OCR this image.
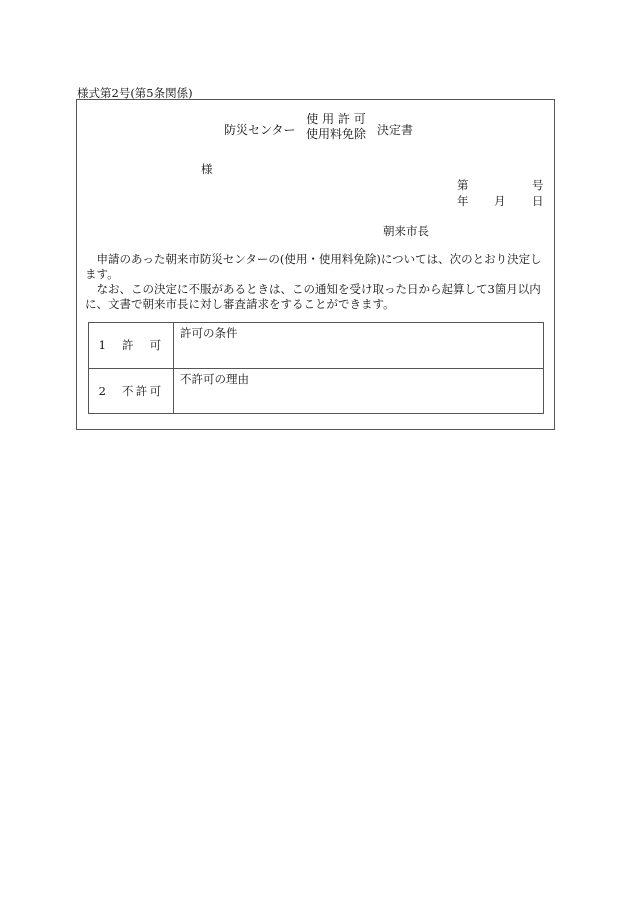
様式第2号(第5条関係)
防災センター
使 用 許 可
使用料免除 決定書
様
第	号
年 月 日
朝来市長

申請のあった朝来市防災センターの(使用・使用料免除)については、次のとおり決定します。

なお、この決定に不服があるときは、この通知を受け取った日から起算して3箇月以内に、文書で朝来市長に対し審査請求をすることができます。

1　許　可	許可の条件
2　不許可	不許可の理由
